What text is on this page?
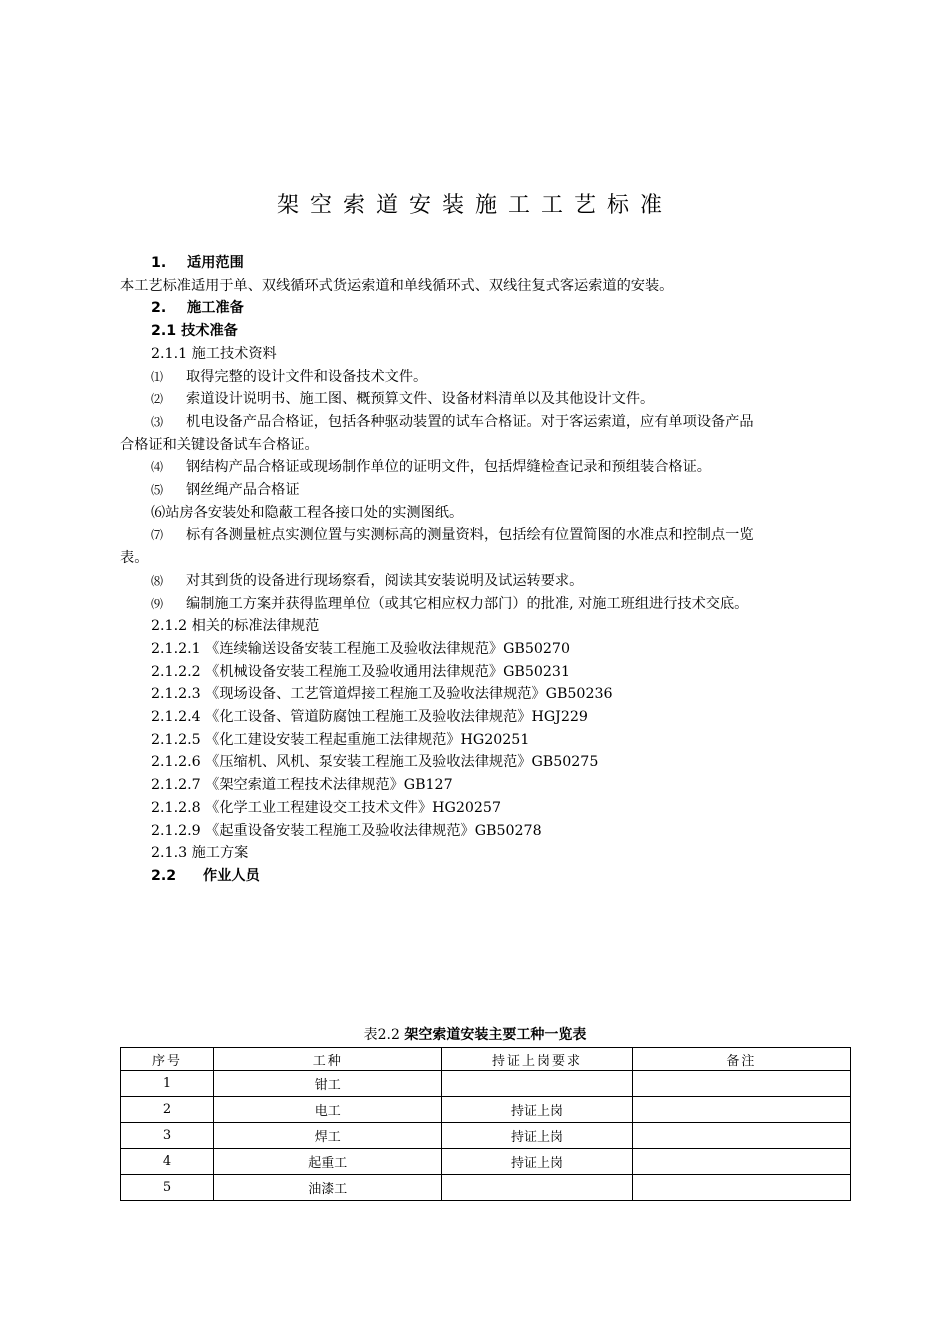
架空索道安装施工工艺标准
1. 适用范围
本工艺标准适用于单、双线循环式货运索道和单线循环式、双线往复式客运索道的安装。
2. 施工准备
2.1 技术准备
2.1.1 施工技术资料
⑴ 取得完整的设计文件和设备技术文件。
⑵ 索道设计说明书、施工图、概预算文件、设备材料清单以及其他设计文件。
⑶ 机电设备产品合格证，包括各种驱动装置的试车合格证。对于客运索道，应有单项设备产品
合格证和关键设备试车合格证。
⑷ 钢结构产品合格证或现场制作单位的证明文件，包括焊缝检查记录和预组装合格证。
⑸ 钢丝绳产品合格证
⑹站房各安装处和隐蔽工程各接口处的实测图纸。
⑺ 标有各测量桩点实测位置与实测标高的测量资料，包括绘有位置简图的水准点和控制点一览
表。
⑻ 对其到货的设备进行现场察看，阅读其安装说明及试运转要求。
⑼ 编制施工方案并获得监理单位（或其它相应权力部门）的批准, 对施工班组进行技术交底。
2.1.2 相关的标准法律规范
2.1.2.1 《连续输送设备安装工程施工及验收法律规范》GB50270
2.1.2.2 《机械设备安装工程施工及验收通用法律规范》GB50231
2.1.2.3 《现场设备、工艺管道焊接工程施工及验收法律规范》GB50236
2.1.2.4 《化工设备、管道防腐蚀工程施工及验收法律规范》HGJ229
2.1.2.5 《化工建设安装工程起重施工法律规范》HG20251
2.1.2.6 《压缩机、风机、泵安装工程施工及验收法律规范》GB50275
2.1.2.7 《架空索道工程技术法律规范》GB127
2.1.2.8 《化学工业工程建设交工技术文件》HG20257
2.1.2.9 《起重设备安装工程施工及验收法律规范》GB50278
2.1.3 施工方案
2.2 作业人员
表2.2 架空索道安装主要工种一览表
序号	工种	持证上岗要求	备注
1	钳工		
2	电工	持证上岗	
3	焊工	持证上岗	
4	起重工	持证上岗	
5	油漆工		
